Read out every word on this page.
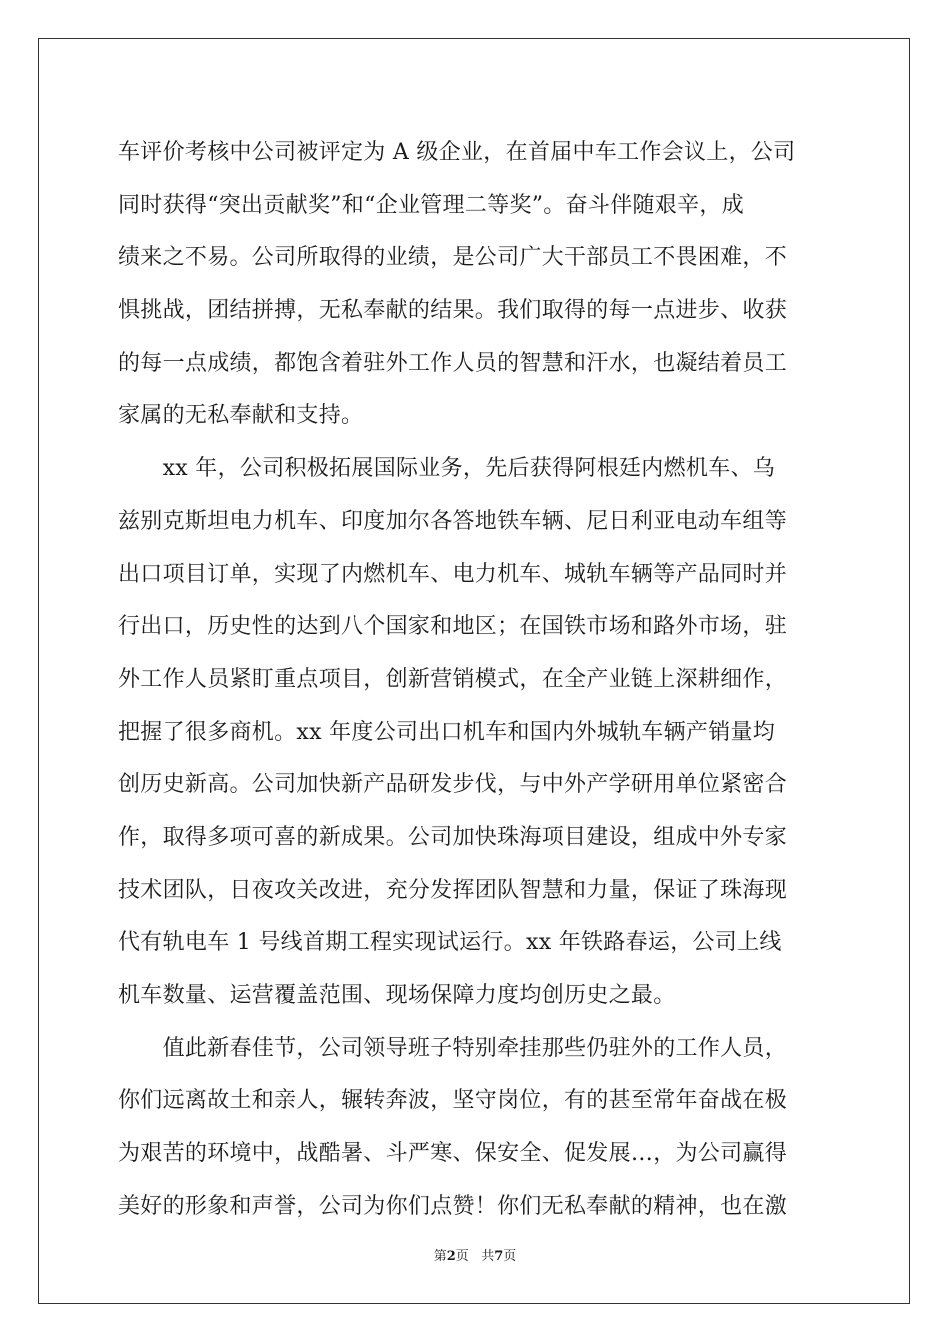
车评价考核中公司被评定为 A 级企业，在首届中车工作会议上，公司
同时获得“突出贡献奖”和“企业管理二等奖”。奋斗伴随艰辛，成
绩来之不易。公司所取得的业绩，是公司广大干部员工不畏困难，不
惧挑战，团结拼搏，无私奉献的结果。我们取得的每一点进步、收获
的每一点成绩，都饱含着驻外工作人员的智慧和汗水，也凝结着员工
家属的无私奉献和支持。
　　xx 年，公司积极拓展国际业务，先后获得阿根廷内燃机车、乌
兹别克斯坦电力机车、印度加尔各答地铁车辆、尼日利亚电动车组等
出口项目订单，实现了内燃机车、电力机车、城轨车辆等产品同时并
行出口，历史性的达到八个国家和地区；在国铁市场和路外市场，驻
外工作人员紧盯重点项目，创新营销模式，在全产业链上深耕细作，
把握了很多商机。xx 年度公司出口机车和国内外城轨车辆产销量均
创历史新高。公司加快新产品研发步伐，与中外产学研用单位紧密合
作，取得多项可喜的新成果。公司加快珠海项目建设，组成中外专家
技术团队，日夜攻关改进，充分发挥团队智慧和力量，保证了珠海现
代有轨电车 1 号线首期工程实现试运行。xx 年铁路春运，公司上线
机车数量、运营覆盖范围、现场保障力度均创历史之最。
　　值此新春佳节，公司领导班子特别牵挂那些仍驻外的工作人员，
你们远离故土和亲人，辗转奔波，坚守岗位，有的甚至常年奋战在极
为艰苦的环境中，战酷暑、斗严寒、保安全、促发展…，为公司赢得
美好的形象和声誉，公司为你们点赞！你们无私奉献的精神，也在激
第2页 共7页
